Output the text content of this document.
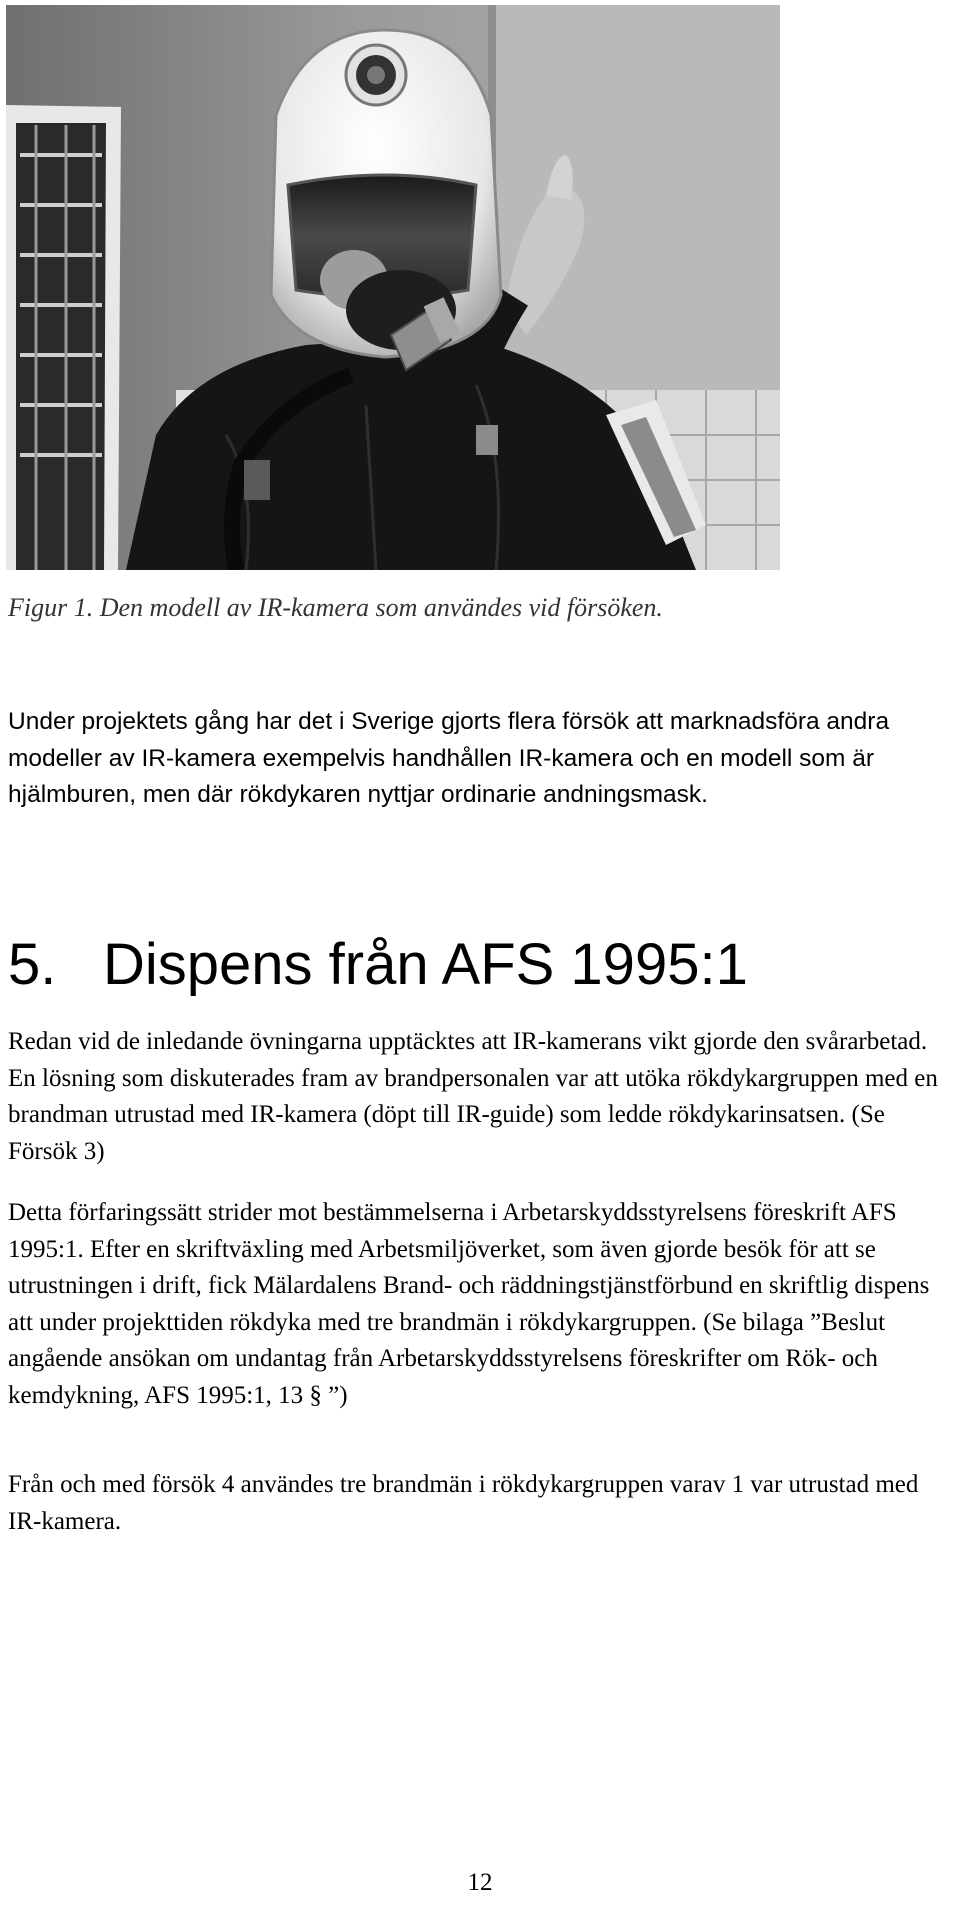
Figur 1. Den modell av IR-kamera som användes vid försöken.

Under projektets gång har det i Sverige gjorts flera försök att marknadsföra andra modeller av IR-kamera exempelvis handhållen IR-kamera och en modell som är hjälmburen, men där rökdykaren nyttjar ordinarie andningsmask.

5. Dispens från AFS 1995:1

Redan vid de inledande övningarna upptäcktes att IR-kamerans vikt gjorde den svårarbetad. En lösning som diskuterades fram av brandpersonalen var att utöka rökdykargruppen med en brandman utrustad med IR-kamera (döpt till IR-guide) som ledde rökdykarinsatsen. (Se Försök 3)

Detta förfaringssätt strider mot bestämmelserna i Arbetarskyddsstyrelsens föreskrift AFS 1995:1. Efter en skriftväxling med Arbetsmiljöverket, som även gjorde besök för att se utrustningen i drift, fick Mälardalens Brand- och räddningstjänstförbund en skriftlig dispens att under projekttiden rökdyka med tre brandmän i rökdykargruppen. (Se bilaga ”Beslut angående ansökan om undantag från Arbetarskyddsstyrelsens föreskrifter om Rök- och kemdykning, AFS 1995:1, 13 § ”)

Från och med försök 4 användes tre brandmän i rökdykargruppen varav 1 var utrustad med IR-kamera.

12
